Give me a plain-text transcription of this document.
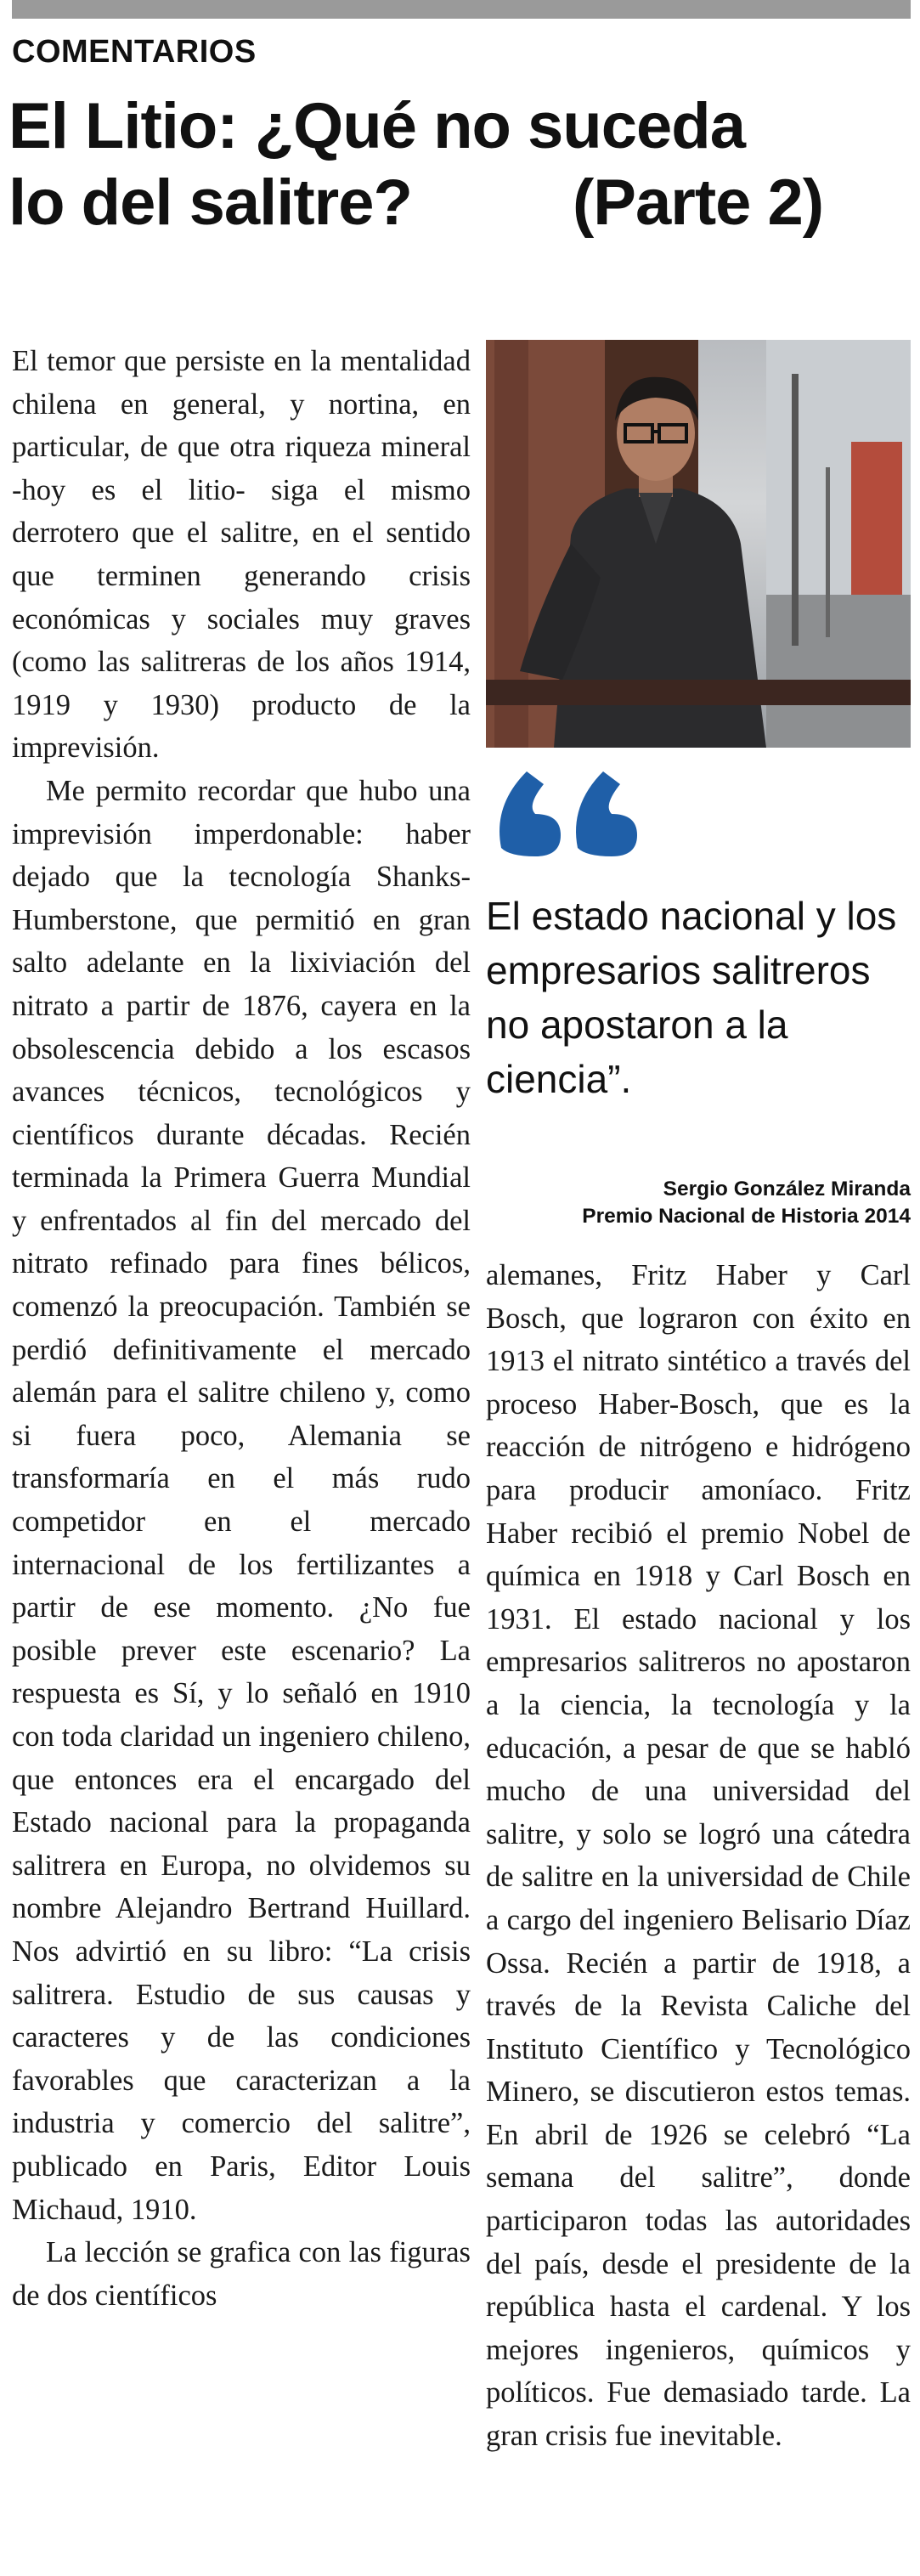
COMENTARIOS
El Litio: ¿Qué no suceda
lo del salitre? (Parte 2)

El temor que persiste en la mentalidad chilena en general, y nortina, en particular, de que otra riqueza mineral -hoy es el litio- siga el mismo derrotero que el salitre, en el sentido que terminen generando crisis económicas y sociales muy graves (como las salitreras de los años 1914, 1919 y 1930) producto de la imprevisión.

Me permito recordar que hubo una imprevisión imperdonable: haber dejado que la tecnología Shanks-Humberstone, que permitió en gran salto adelante en la lixiviación del nitrato a partir de 1876, cayera en la obsolescencia debido a los escasos avances técnicos, tecnológicos y científicos durante décadas. Recién terminada la Primera Guerra Mundial y enfrentados al fin del mercado del nitrato refinado para fines bélicos, comenzó la preocupación. También se perdió definitivamente el mercado alemán para el salitre chileno y, como si fuera poco, Alemania se transformaría en el más rudo competidor en el mercado internacional de los fertilizantes a partir de ese momento. ¿No fue posible prever este escenario? La respuesta es Sí, y lo señaló en 1910 con toda claridad un ingeniero chileno, que entonces era el encargado del Estado nacional para la propaganda salitrera en Europa, no olvidemos su nombre Alejandro Bertrand Huillard. Nos advirtió en su libro: “La crisis salitrera. Estudio de sus causas y caracteres y de las condiciones favorables que caracterizan a la industria y comercio del salitre”, publicado en Paris, Editor Louis Michaud, 1910.

La lección se grafica con las figuras de dos científicos

El estado nacional y los empresarios salitreros no apostaron a la ciencia”.

Sergio González Miranda
Premio Nacional de Historia 2014

alemanes, Fritz Haber y Carl Bosch, que lograron con éxito en 1913 el nitrato sintético a través del proceso Haber-Bosch, que es la reacción de nitrógeno e hidrógeno para producir amoníaco. Fritz Haber recibió el premio Nobel de química en 1918 y Carl Bosch en 1931. El estado nacional y los empresarios salitreros no apostaron a la ciencia, la tecnología y la educación, a pesar de que se habló mucho de una universidad del salitre, y solo se logró una cátedra de salitre en la universidad de Chile a cargo del ingeniero Belisario Díaz Ossa. Recién a partir de 1918, a través de la Revista Caliche del Instituto Científico y Tecnológico Minero, se discutieron estos temas. En abril de 1926 se celebró “La semana del salitre”, donde participaron todas las autoridades del país, desde el presidente de la república hasta el cardenal. Y los mejores ingenieros, químicos y políticos. Fue demasiado tarde. La gran crisis fue inevitable.
